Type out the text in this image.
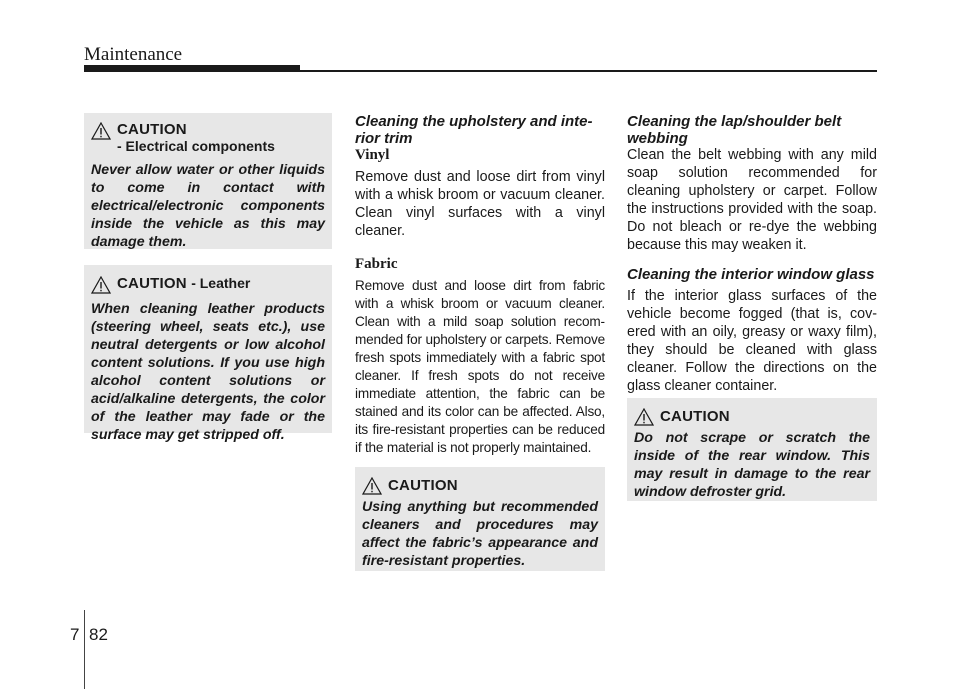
Maintenance
CAUTION - Electrical components
Never allow water or other liquids to come in contact with electrical/electronic components inside the vehicle as this may damage them.
CAUTION - Leather
When cleaning leather products (steering wheel, seats etc.), use neutral detergents or low alcohol content solutions. If you use high alcohol content solutions or acid/alkaline detergents, the color of the leather may fade or the surface may get stripped off.
Cleaning the upholstery and interior trim
Vinyl
Remove dust and loose dirt from vinyl with a whisk broom or vacuum cleaner. Clean vinyl surfaces with a vinyl cleaner.
Fabric
Remove dust and loose dirt from fabric with a whisk broom or vacuum cleaner. Clean with a mild soap solution recommended for upholstery or carpets. Remove fresh spots immediately with a fabric spot cleaner. If fresh spots do not receive immediate attention, the fabric can be stained and its color can be affected. Also, its fire-resistant properties can be reduced if the material is not properly maintained.
CAUTION
Using anything but recommended cleaners and procedures may affect the fabric’s appearance and fire-resistant properties.
Cleaning the lap/shoulder belt webbing
Clean the belt webbing with any mild soap solution recommended for cleaning upholstery or carpet. Follow the instructions provided with the soap. Do not bleach or re-dye the webbing because this may weaken it.
Cleaning the interior window glass
If the interior glass surfaces of the vehicle become fogged (that is, covered with an oily, greasy or waxy film), they should be cleaned with glass cleaner. Follow the directions on the glass cleaner container.
CAUTION
Do not scrape or scratch the inside of the rear window. This may result in damage to the rear window defroster grid.
7 82
